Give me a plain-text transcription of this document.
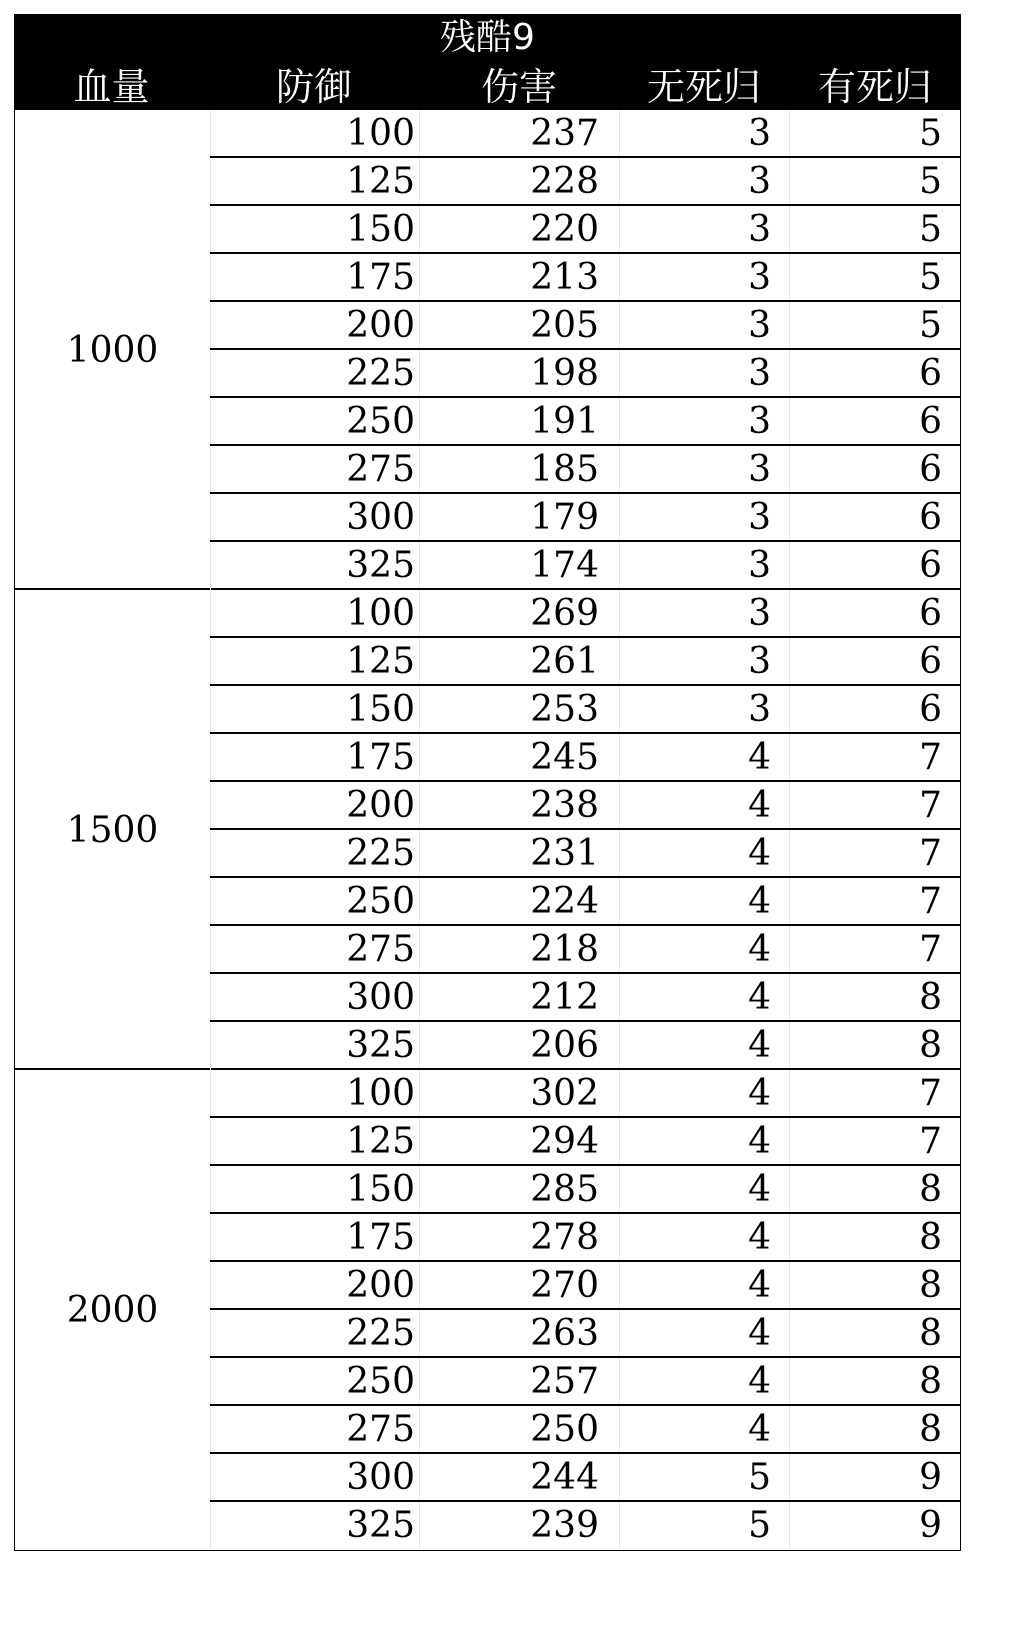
残酷9
血量	防御	伤害	无死归	有死归
1000
100	237	3	5
125	228	3	5
150	220	3	5
175	213	3	5
200	205	3	5
225	198	3	6
250	191	3	6
275	185	3	6
300	179	3	6
325	174	3	6
1500
100	269	3	6
125	261	3	6
150	253	3	6
175	245	4	7
200	238	4	7
225	231	4	7
250	224	4	7
275	218	4	7
300	212	4	8
325	206	4	8
2000
100	302	4	7
125	294	4	7
150	285	4	8
175	278	4	8
200	270	4	8
225	263	4	8
250	257	4	8
275	250	4	8
300	244	5	9
325	239	5	9
